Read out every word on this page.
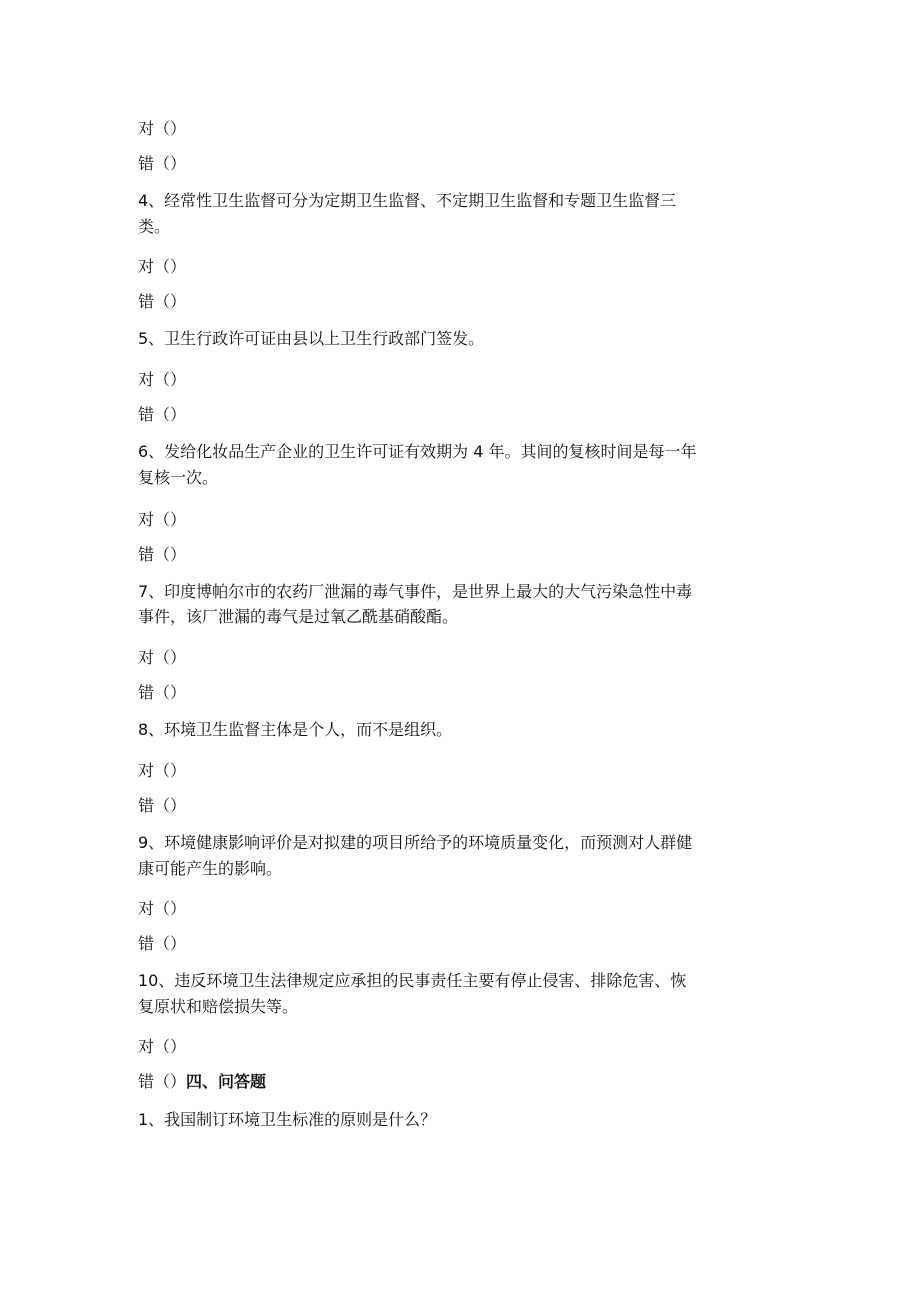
对（）
错（）
4、经常性卫生监督可分为定期卫生监督、不定期卫生监督和专题卫生监督三
类。
对（）
错（）
5、卫生行政许可证由县以上卫生行政部门签发。
对（）
错（）
6、发给化妆品生产企业的卫生许可证有效期为 4 年。其间的复核时间是每一年
复核一次。
对（）
错（）
7、印度博帕尔市的农药厂泄漏的毒气事件，是世界上最大的大气污染急性中毒
事件，该厂泄漏的毒气是过氧乙酰基硝酸酯。
对（）
错（）
8、环境卫生监督主体是个人，而不是组织。
对（）
错（）
9、环境健康影响评价是对拟建的项目所给予的环境质量变化，而预测对人群健
康可能产生的影响。
对（）
错（）
10、违反环境卫生法律规定应承担的民事责任主要有停止侵害、排除危害、恢
复原状和赔偿损失等。
对（）
错（）四、问答题
1、我国制订环境卫生标准的原则是什么？
